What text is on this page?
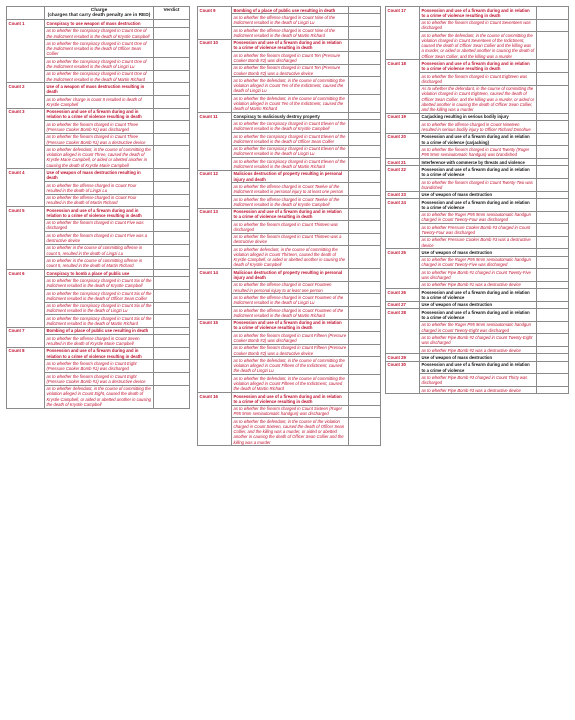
	Charge
(charges that carry death penalty are in RED)	Verdict
Count 1	Conspiracy to use weapon of mass destruction	
	as to whether the conspiracy charged in Count One of the Indictment resulted in the death of Krystle Campbell	
	as to whether the conspiracy charged in Count One of the Indictment resulted in the death of Officer Sean Collier	
	as to whether the conspiracy charged in Count One of the Indictment resulted in the death of Lingzi Lu	
	as to whether the conspiracy charged in Count One of the Indictment resulted in the death of Martin Richard	
Count 2	Use of a weapon of mass destruction resulting in death	
	as to whether charge in count II resulted in death of Krystle Campbell	
Count 3	Possession and use of a firearm during and in relation to a crime of violence resulting in death	
	as to whether the firearm charged in Count Three (Pressure Cooker Bomb #1) was discharged	
	as to whether the firearm charged in Count Three (Pressure Cooker Bomb #1) was a destructive device	
	as to whether defendant, in the course of committing the violation alleged in Count Three, caused the death of Krystle Marie Campbell, or aided or abetted another in causing the death of Krystle Marie Campbell	
Count 4	Use of weapon of mass destruction resulting in death	
	as to whether the offense charged in Count Four resulted in the death of Lingzi Lu	
	as to whether the offense charged in Count Four resulted in the death of Martin Richard	
Count 5	Possession and use of a firearm during and in relation to a crime of violence resulting in death	
	as to whether the firearm charged in Count Five was discharged	
	as to whether the firearm charged in Count Five was a destructive device	
	as to whether in the course of committing offense in count 5, resulted in the death of Lingzi Lu	
	as to whether in the course of committing offense in count 5, resulted in the death of Martin Richard	
Count 6	Conspiracy to bomb a place of public use	
	as to whether the conspiracy charged in Count Six of the Indictment resulted in the death of Krystle Campbell	
	as to whether the conspiracy charged in Count Six of the Indictment resulted in the death of Officer Sean Collier	
	as to whether the conspiracy charged in Count Six of the Indictment resulted in the death of Lingzi Lu	
	as to whether the conspiracy charged in Count Six of the Indictment resulted in the death of Martin Richard	
Count 7	Bombing of a place of public use resulting in death	
	as to whether the offense charged in Count Seven resulted in the death of Krystle Marie Campbell	
Count 8	Possession and use of a firearm during and in relation to a crime of violence resulting in death	
	as to whether the firearm charged in Count Eight (Pressure Cooker Bomb #1) was discharged	
	as to whether the firearm charged in Count Eight (Pressure Cooker Bomb #1) was a destructive device	
	as to whether defendant, in the course of committing the violation alleged in Count Eight, caused the death of Krystle Campbell, or aided or abetted another in causing the death of Krystle Campbell	
Count 9	Bombing of a place of public use resulting in death	
	as to whether the offense charged in Count Nine of the Indictment resulted in the death of Lingzi Lu	
	as to whether the offense charged in Count Nine of the Indictment resulted in the death of Martin Richard	
Count 10	Possession and use of a firearm during and in relation to a crime of violence resulting in death	
	as to whether the firearm charged in Count Ten (Pressure Cooker Bomb #2) was discharged	
	as to whether the firearm charged in Count Ten (Pressure Cooker Bomb #2) was a destructive device	
	as to whether the defendant, in the course of committing the violation alleged in Count Ten of the Indictment, caused the death of Lingzi Lu	
	as to whether the defendant, in the course of committing the violation alleged in Count Ten of the Indictment, caused the death of Martin Richard	
Count 11	Conspiracy to maliciously destroy property	
	as to whether the conspiracy charged in Count Eleven of the Indictment resulted in the death of Krystle Campbell	
	as to whether the conspiracy charged in Count Eleven of the Indictment resulted in the death of Officer Sean Collier	
	as to whether the conspiracy charged in Count Eleven of the Indictment resulted in the death of Lingzi Lu	
	as to whether the conspiracy charged in Count Eleven of the Indictment resulted in the death of Martin Richard	
Count 12	Malicious destruction of property resulting in personal injury and death	
	as to whether the offense charged in Count Twelve of the Indictment resulted in personal injury to at least one person	
	as to whether the offense charged in Count Twelve of the Indictment resulted in the death of Krystle Campbell	
Count 13	Possession and use of a firearm during and in relation to a crime of violence resulting in death	
	as to whether the firearm charged in Count Thirteen was discharged	
	as to whether the firearm charged in Count Thirteen was a destructive device	
	as to whether defendant, in the course of committing the violation alleged in Count Thirteen, caused the death of Krystle Campbell, or aided or abetted another in causing the death of Krystle Campbell	
Count 14	Malicious destruction of property resulting in personal injury and death	
	as to whether the offense charged in Count Fourteen resulted in personal injury to at least one person	
	as to whether the offense charged in Count Fourteen of the Indictment resulted in the death of Lingzi Lu	
	as to whether the offense charged in Count Fourteen of the Indictment resulted in the death of Martin Richard	
Count 15	Possession and use of a firearm during and in relation to a crime of violence resulting in death	
	as to whether the firearm charged in Count Fifteen (Pressure Cooker Bomb #2) was discharged	
	as to whether the firearm charged in Count Fifteen (Pressure Cooker Bomb #2) was a destructive device	
	as to whether the defendant, in the course of committing the violation alleged in Count Fifteen of the Indictment, caused the death of Lingzi Lu	
	as to whether the defendant, in the course of committing the violation alleged in Count Fifteen of the Indictment, caused the death of Martin Richard	
Count 16	Possession and use of a firearm during and in relation to a crime of violence resulting in death	
	as to whether the firearm charged in Count Sixteen (Ruger P95 9mm semiautomatic handgun) was discharged	
	as to whether the defendant, in the course of the violation charged in Count Sixteen, caused the death of Officer Sean Collier, and the killing was a murder, or aided or abetted another in causing the death of Officer Sean Collier and the killing was a murder	
Count 17	Possession and use of a firearm during and in relation to a crime of violence resulting in death	
	as to whether the firearm charged in Count Seventeen was discharged	
	as to whether the defendant, in the course of committing the violation charged in Count Seventeen of the Indictment, caused the death of Officer Sean Collier and the killing was a murder, or aided or abetted another in causing the death of Officer Sean Collier, and the killing was a murder	
Count 18	Possession and use of a firearm during and in relation to a crime of violence resulting in death	
	as to whether the firearm charged in Count Eighteen was discharged	
	As to whether the defendant, in the course of committing the violation charged in Count Eighteen, caused the death of Officer Sean Collier, and the killing was a murder, or aided or abetted another in causing the death of Officer Sean Collier, and the killing was a murder	
Count 19	Carjacking resulting in serious bodily injury	
	as to whether the offense charged in Count Nineteen resulted in serious bodily injury to Officer Richard Donohue	
Count 20	Possession and use of a firearm during and in relation to a crime of violence (carjacking)	
	as to whether the firearm charged in Count Twenty (Ruger P95 9mm semiautomatic handgun) was brandished	
Count 21	Interference with commerce by threats and violence	
Count 22	Possession and use of a firearm during and in relation to a crime of violence	
	as to whether the firearm charged in Count Twenty-Two was brandished	
Count 23	Use of weapon of mass destruction	
Count 24	Possession and use of a firearm during and in relation to a crime of violence	
	as to whether the Ruger P95 9mm semiautomatic handgun charged in Count Twenty-Four was discharged	
	as to whether Pressure Cooker Bomb #3 charged in Count Twenty-Four was discharged	
	as to whether Pressure Cooker Bomb #3 was a destructive device	
Count 25	Use of weapon of mass destruction	
	as to whether the Ruger P95 9mm semiautomatic handgun charged in Count Twenty-Five was discharged	
	as to whether Pipe Bomb #1 charged in Count Twenty-Five was discharged	
	as to whether Pipe Bomb #1 was a destructive device	
Count 26	Possession and use of a firearm during and in relation to a crime of violence	
Count 27	Use of weapon of mass destruction	
Count 28	Possession and use of a firearm during and in relation to a crime of violence	
	as to whether the Ruger P95 9mm semiautomatic handgun charged in Count Twenty-Eight was discharged	
	as to whether Pipe Bomb #2 charged in Count Twenty-Eight was discharged	
	as to whether Pipe Bomb #2 was a destructive device	
Count 29	Use of weapon of mass destruction	
Count 30	Possession and use of a firearm during and in relation to a crime of violence	
	as to whether Pipe Bomb #3 charged in Count Thirty was discharged	
	as to whether Pipe Bomb #3 was a destructive device	
